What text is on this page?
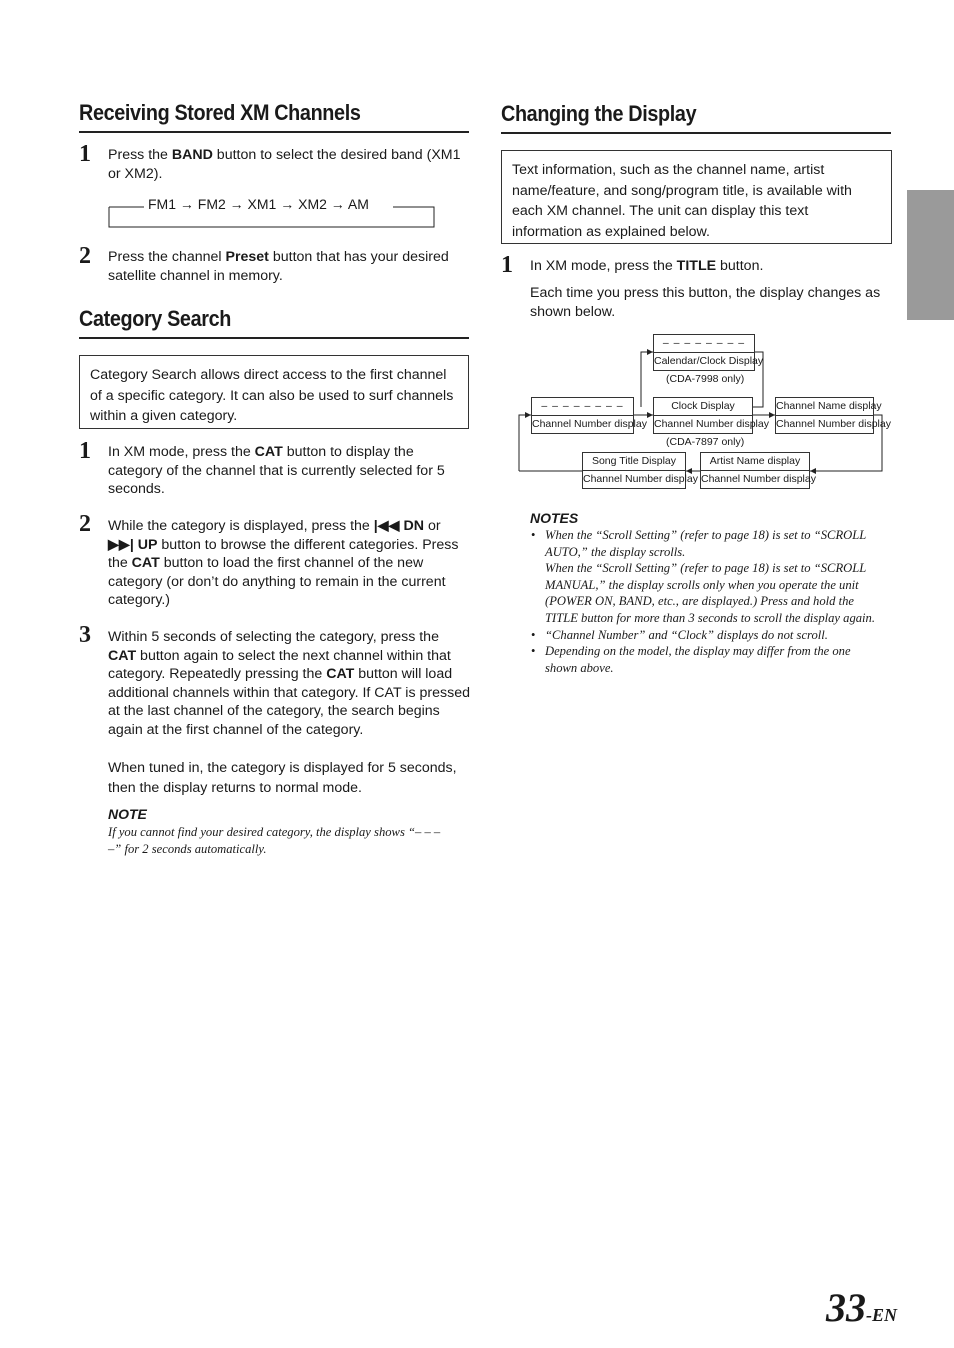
Receiving Stored XM Channels
1 Press the BAND button to select the desired band (XM1 or XM2).
FM1 → FM2 → XM1 → XM2 → AM
2 Press the channel Preset button that has your desired satellite channel in memory.
Category Search
Category Search allows direct access to the first channel of a specific category. It can also be used to surf channels within a given category.
1 In XM mode, press the CAT button to display the category of the channel that is currently selected for 5 seconds.
2 While the category is displayed, press the |◀◀ DN or ▶▶| UP button to browse the different categories. Press the CAT button to load the first channel of the new category (or don’t do anything to remain in the current category.)
3 Within 5 seconds of selecting the category, press the CAT button again to select the next channel within that category. Repeatedly pressing the CAT button will load additional channels within that category. If CAT is pressed at the last channel of the category, the search begins again at the first channel of the category.
When tuned in, the category is displayed for 5 seconds, then the display returns to normal mode.
NOTE
If you cannot find your desired category, the display shows “– – – –” for 2 seconds automatically.
Changing the Display
Text information, such as the channel name, artist name/feature, and song/program title, is available with each XM channel. The unit can display this text information as explained below.
1 In XM mode, press the TITLE button.
Each time you press this button, the display changes as shown below.
– – – – – – – –
Calendar/Clock Display
(CDA-7998 only)
– – – – – – – –
Channel Number display
Clock Display
Channel Number display
(CDA-7897 only)
Channel Name display
Channel Number display
Song Title Display
Channel Number display
Artist Name display
Channel Number display
NOTES
• When the “Scroll Setting” (refer to page 18) is set to “SCROLL AUTO,” the display scrolls.
When the “Scroll Setting” (refer to page 18) is set to “SCROLL MANUAL,” the display scrolls only when you operate the unit (POWER ON, BAND, etc., are displayed.) Press and hold the TITLE button for more than 3 seconds to scroll the display again.
• “Channel Number” and “Clock” displays do not scroll.
• Depending on the model, the display may differ from the one shown above.
33-EN
